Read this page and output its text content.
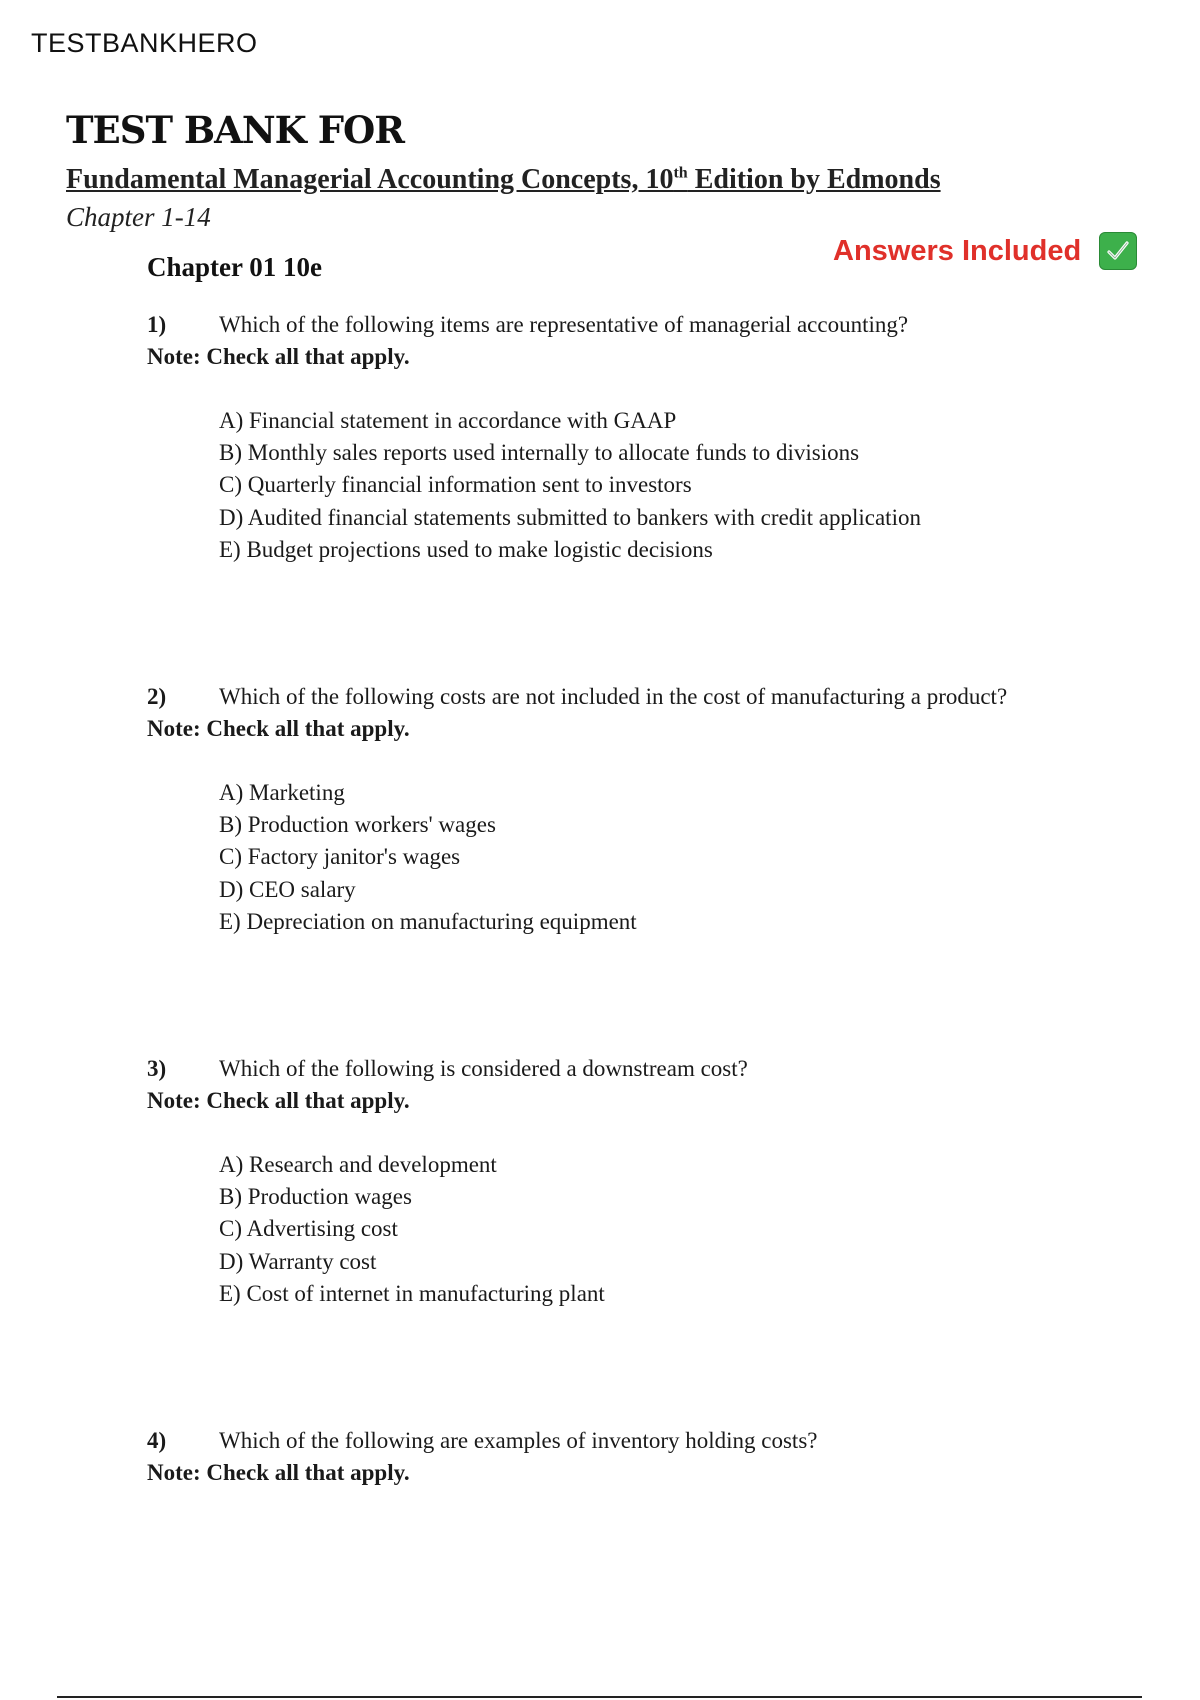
TESTBANKHERO
TEST BANK FOR
Fundamental Managerial Accounting Concepts, 10th Edition by Edmonds
Chapter 1-14
Answers Included
Chapter 01 10e
1)	Which of the following items are representative of managerial accounting?
Note: Check all that apply.
A) Financial statement in accordance with GAAP
B) Monthly sales reports used internally to allocate funds to divisions
C) Quarterly financial information sent to investors
D) Audited financial statements submitted to bankers with credit application
E) Budget projections used to make logistic decisions
2)	Which of the following costs are not included in the cost of manufacturing a product?
Note: Check all that apply.
A) Marketing
B) Production workers' wages
C) Factory janitor's wages
D) CEO salary
E) Depreciation on manufacturing equipment
3)	Which of the following is considered a downstream cost?
Note: Check all that apply.
A) Research and development
B) Production wages
C) Advertising cost
D) Warranty cost
E) Cost of internet in manufacturing plant
4)	Which of the following are examples of inventory holding costs?
Note: Check all that apply.
